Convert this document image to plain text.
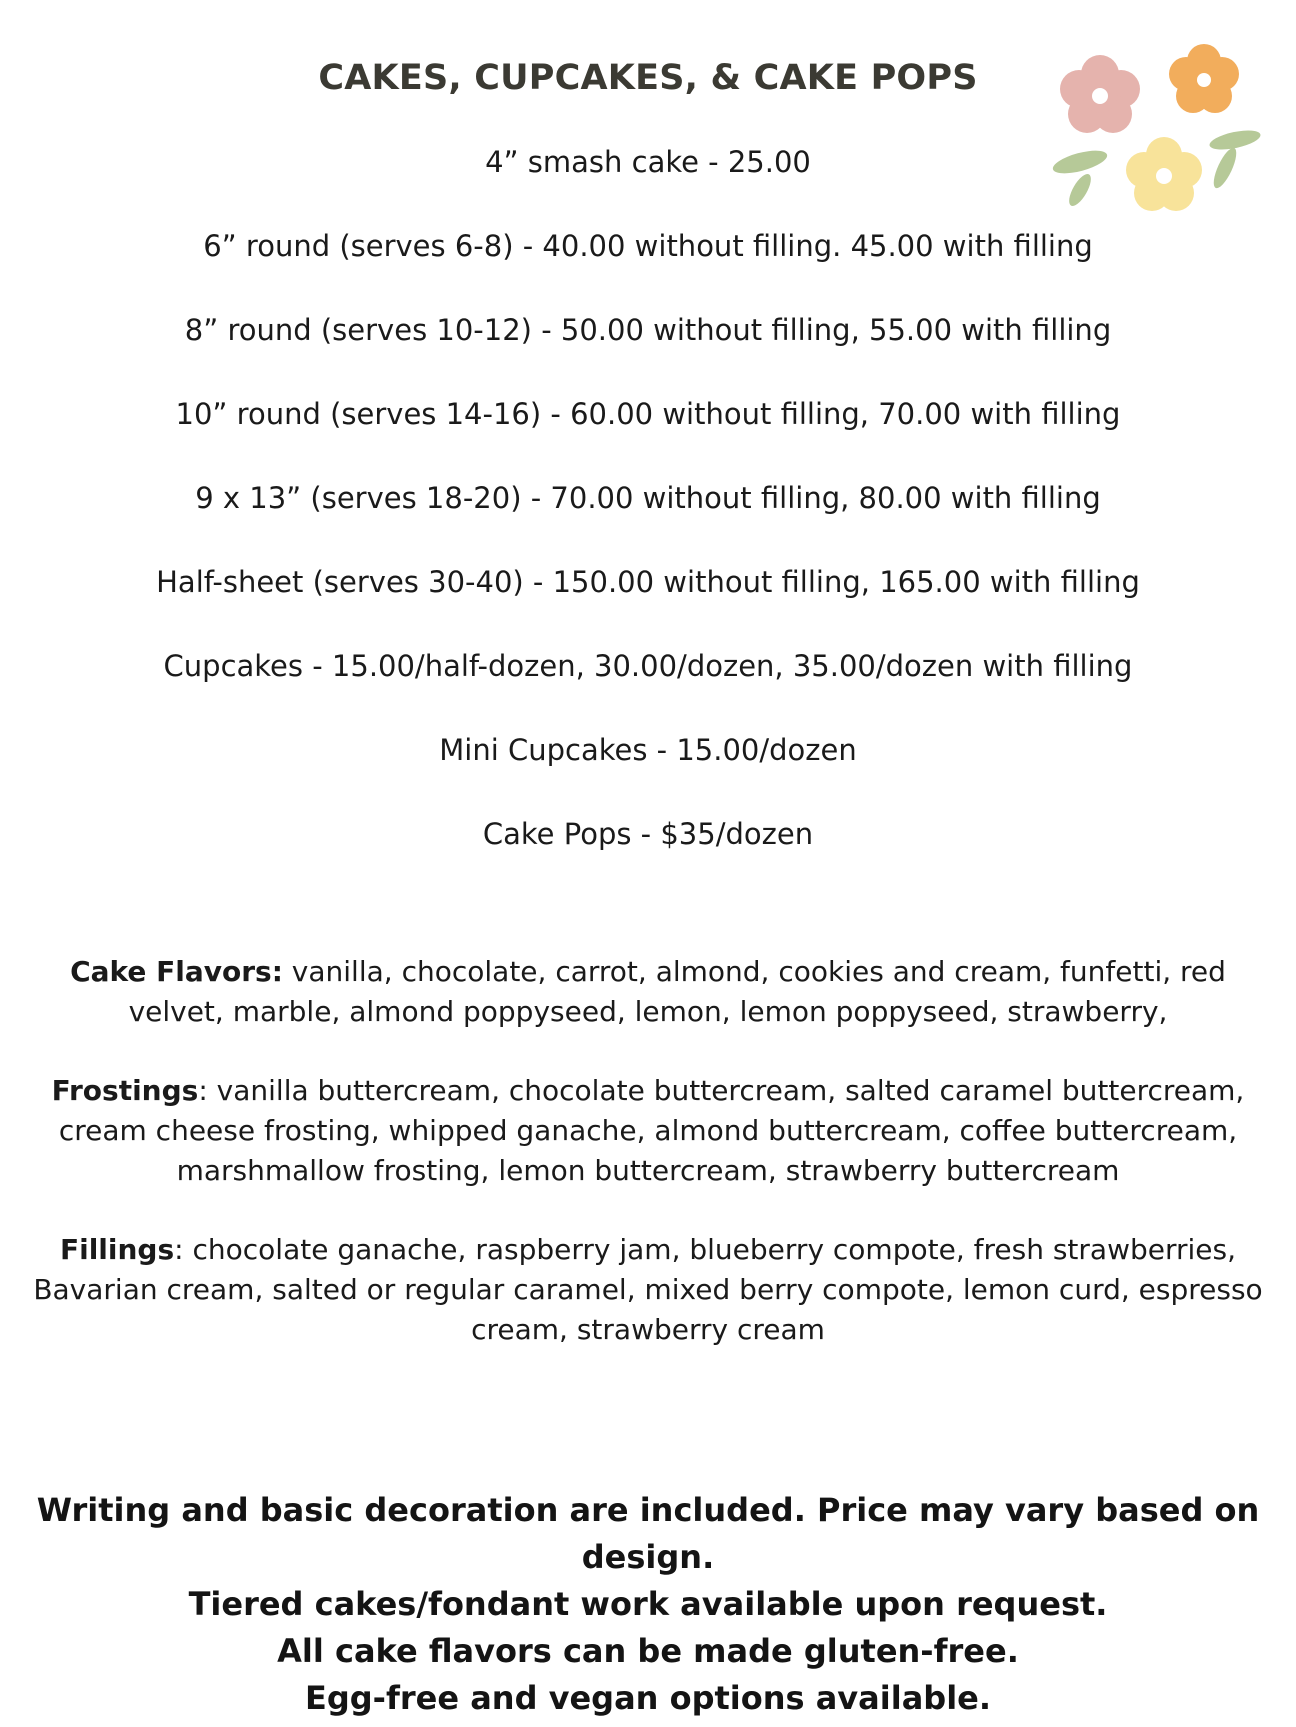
CAKES, CUPCAKES, & CAKE POPS
4” smash cake - 25.00
6” round (serves 6-8) - 40.00 without filling. 45.00 with filling
8” round (serves 10-12) - 50.00 without filling, 55.00 with filling
10” round (serves 14-16) - 60.00 without filling, 70.00 with filling
9 x 13” (serves 18-20) - 70.00 without filling, 80.00 with filling
Half-sheet (serves 30-40) - 150.00 without filling, 165.00 with filling
Cupcakes - 15.00/half-dozen, 30.00/dozen, 35.00/dozen with filling
Mini Cupcakes - 15.00/dozen
Cake Pops - $35/dozen

Cake Flavors: vanilla, chocolate, carrot, almond, cookies and cream, funfetti, red velvet, marble, almond poppyseed, lemon, lemon poppyseed, strawberry,

Frostings: vanilla buttercream, chocolate buttercream, salted caramel buttercream, cream cheese frosting, whipped ganache, almond buttercream, coffee buttercream, marshmallow frosting, lemon buttercream, strawberry buttercream

Fillings: chocolate ganache, raspberry jam, blueberry compote, fresh strawberries, Bavarian cream, salted or regular caramel, mixed berry compote, lemon curd, espresso cream, strawberry cream

Writing and basic decoration are included. Price may vary based on design.
Tiered cakes/fondant work available upon request.
All cake flavors can be made gluten-free.
Egg-free and vegan options available.
